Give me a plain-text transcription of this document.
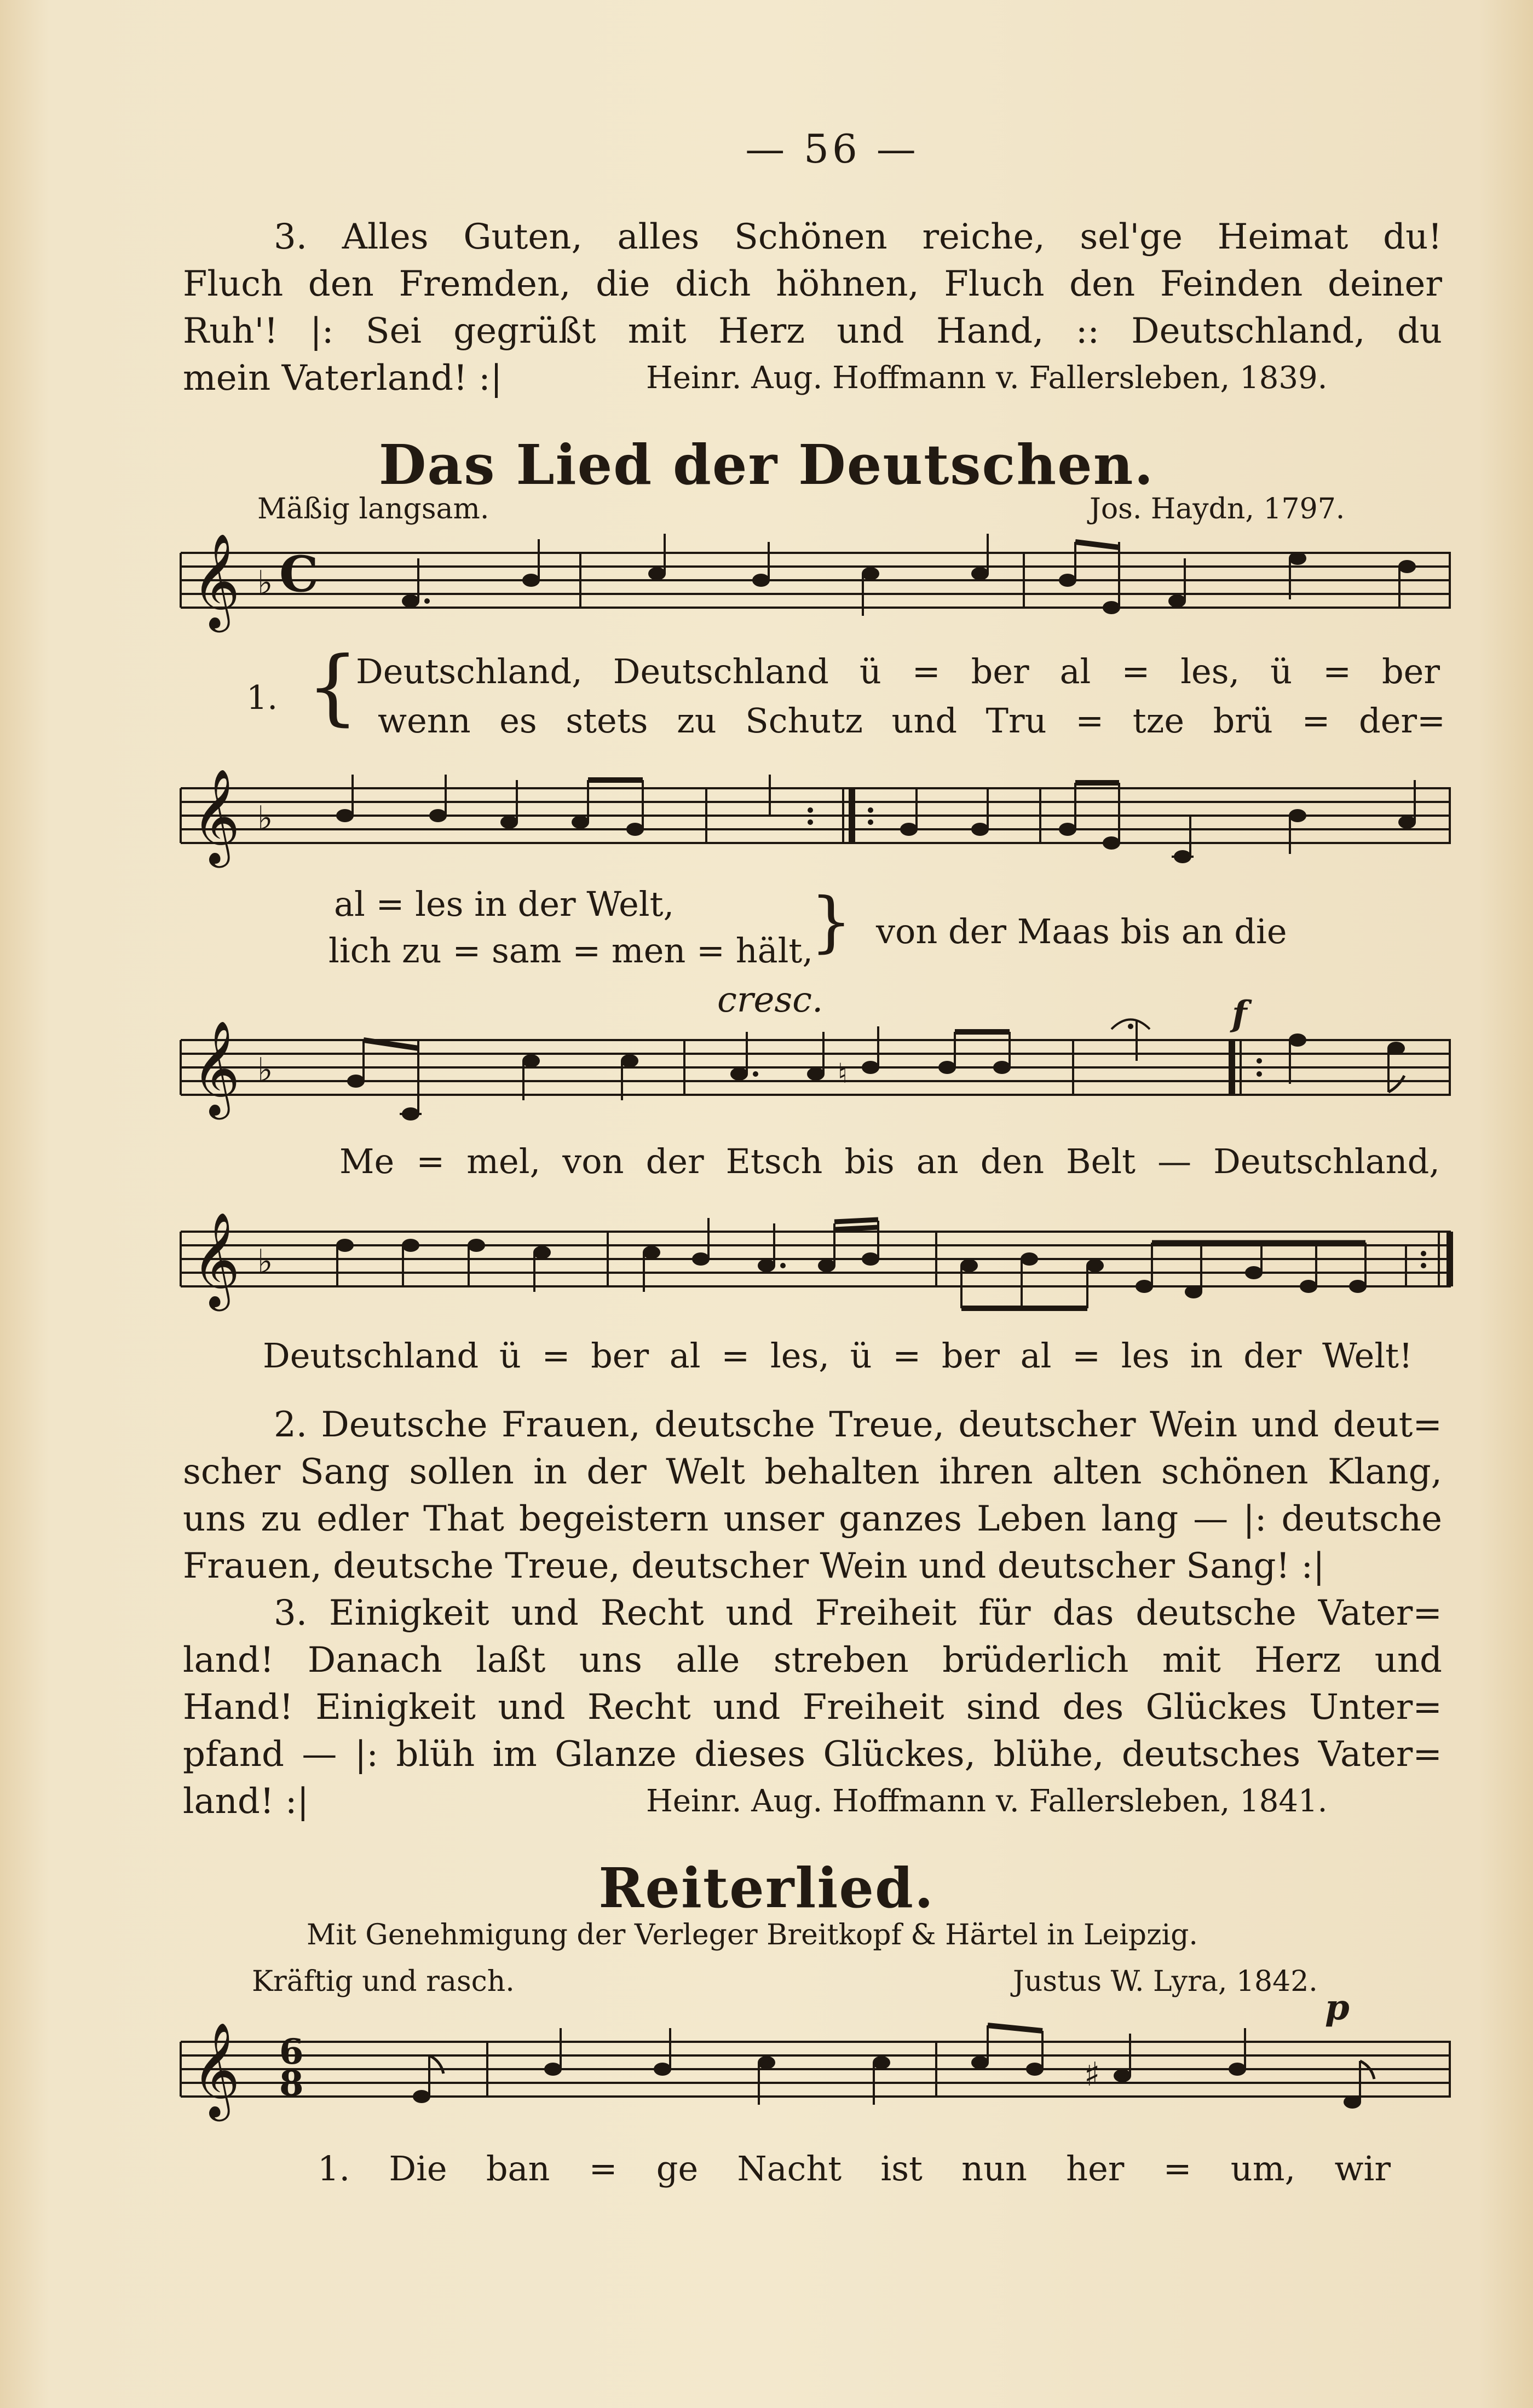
— 56 —
3. Alles Guten, alles Schönen reiche, sel'ge Heimat du!
Fluch den Fremden, die dich höhnen, Fluch den Feinden deiner
Ruh'! |: Sei gegrüßt mit Herz und Hand, :: Deutschland, du
mein Vaterland! :|	Heinr. Aug. Hoffmann v. Fallersleben, 1839.
Das Lied der Deutschen.
Mäßig langsam.	Jos. Haydn, 1797.
𝄞 ♭ C
1. {
Deutschland, Deutschland ü = ber al = les, ü = ber
wenn es stets zu Schutz und Tru = tze brü = der=
𝄞 ♭
al = les in der Welt,
lich zu = sam = men = hält,
} von der Maas bis an die
cresc.	f
𝄞 ♭	♮
Me = mel, von der Etsch bis an den Belt — Deutschland,
𝄞 ♭
Deutschland ü = ber al = les, ü = ber al = les in der Welt!
2. Deutsche Frauen, deutsche Treue, deutscher Wein und deut=
scher Sang sollen in der Welt behalten ihren alten schönen Klang,
uns zu edler That begeistern unser ganzes Leben lang — |: deutsche
Frauen, deutsche Treue, deutscher Wein und deutscher Sang! :|
3. Einigkeit und Recht und Freiheit für das deutsche Vater=
land! Danach laßt uns alle streben brüderlich mit Herz und
Hand! Einigkeit und Recht und Freiheit sind des Glückes Unter=
pfand — |: blüh im Glanze dieses Glückes, blühe, deutsches Vater=
land! :|	Heinr. Aug. Hoffmann v. Fallersleben, 1841.
Reiterlied.
Mit Genehmigung der Verleger Breitkopf & Härtel in Leipzig.
Kräftig und rasch.	Justus W. Lyra, 1842.
p
𝄞 6
8	♯
1. Die ban = ge Nacht ist nun her = um, wir
